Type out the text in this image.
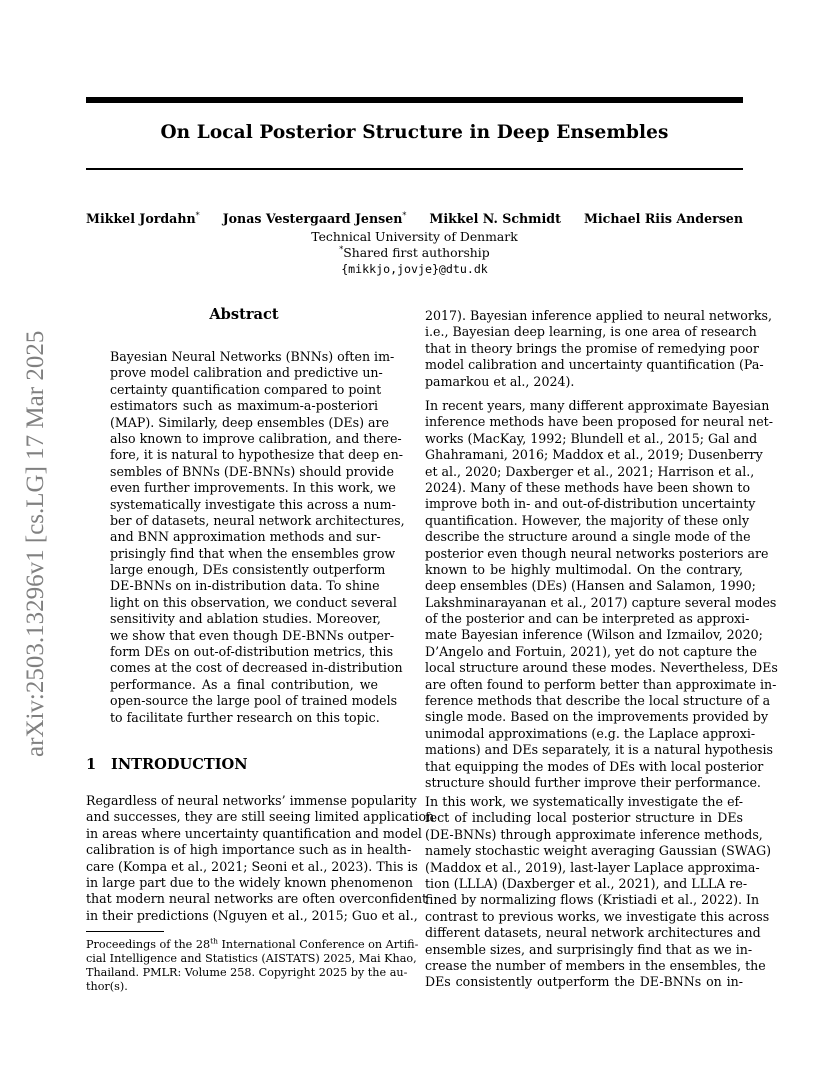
On Local Posterior Structure in Deep Ensembles
Mikkel Jordahn* Jonas Vestergaard Jensen* Mikkel N. Schmidt Michael Riis Andersen
Technical University of Denmark
*Shared first authorship
{mikkjo,jovje}@dtu.dk
arXiv:2503.13296v1 [cs.LG] 17 Mar 2025
Abstract
Bayesian Neural Networks (BNNs) often im-
prove model calibration and predictive un-
certainty quantification compared to point
estimators such as maximum-a-posteriori
(MAP). Similarly, deep ensembles (DEs) are
also known to improve calibration, and there-
fore, it is natural to hypothesize that deep en-
sembles of BNNs (DE-BNNs) should provide
even further improvements. In this work, we
systematically investigate this across a num-
ber of datasets, neural network architectures,
and BNN approximation methods and sur-
prisingly find that when the ensembles grow
large enough, DEs consistently outperform
DE-BNNs on in-distribution data. To shine
light on this observation, we conduct several
sensitivity and ablation studies. Moreover,
we show that even though DE-BNNs outper-
form DEs on out-of-distribution metrics, this
comes at the cost of decreased in-distribution
performance. As a final contribution, we
open-source the large pool of trained models
to facilitate further research on this topic.
1 INTRODUCTION
Regardless of neural networks’ immense popularity
and successes, they are still seeing limited application
in areas where uncertainty quantification and model
calibration is of high importance such as in health-
care (Kompa et al., 2021; Seoni et al., 2023). This is
in large part due to the widely known phenomenon
that modern neural networks are often overconfident
in their predictions (Nguyen et al., 2015; Guo et al.,
Proceedings of the 28th International Conference on Artifi-
cial Intelligence and Statistics (AISTATS) 2025, Mai Khao,
Thailand. PMLR: Volume 258. Copyright 2025 by the au-
thor(s).
2017). Bayesian inference applied to neural networks,
i.e., Bayesian deep learning, is one area of research
that in theory brings the promise of remedying poor
model calibration and uncertainty quantification (Pa-
pamarkou et al., 2024).
In recent years, many different approximate Bayesian
inference methods have been proposed for neural net-
works (MacKay, 1992; Blundell et al., 2015; Gal and
Ghahramani, 2016; Maddox et al., 2019; Dusenberry
et al., 2020; Daxberger et al., 2021; Harrison et al.,
2024). Many of these methods have been shown to
improve both in- and out-of-distribution uncertainty
quantification. However, the majority of these only
describe the structure around a single mode of the
posterior even though neural networks posteriors are
known to be highly multimodal. On the contrary,
deep ensembles (DEs) (Hansen and Salamon, 1990;
Lakshminarayanan et al., 2017) capture several modes
of the posterior and can be interpreted as approxi-
mate Bayesian inference (Wilson and Izmailov, 2020;
D’Angelo and Fortuin, 2021), yet do not capture the
local structure around these modes. Nevertheless, DEs
are often found to perform better than approximate in-
ference methods that describe the local structure of a
single mode. Based on the improvements provided by
unimodal approximations (e.g. the Laplace approxi-
mations) and DEs separately, it is a natural hypothesis
that equipping the modes of DEs with local posterior
structure should further improve their performance.
In this work, we systematically investigate the ef-
fect of including local posterior structure in DEs
(DE-BNNs) through approximate inference methods,
namely stochastic weight averaging Gaussian (SWAG)
(Maddox et al., 2019), last-layer Laplace approxima-
tion (LLLA) (Daxberger et al., 2021), and LLLA re-
fined by normalizing flows (Kristiadi et al., 2022). In
contrast to previous works, we investigate this across
different datasets, neural network architectures and
ensemble sizes, and surprisingly find that as we in-
crease the number of members in the ensembles, the
DEs consistently outperform the DE-BNNs on in-
